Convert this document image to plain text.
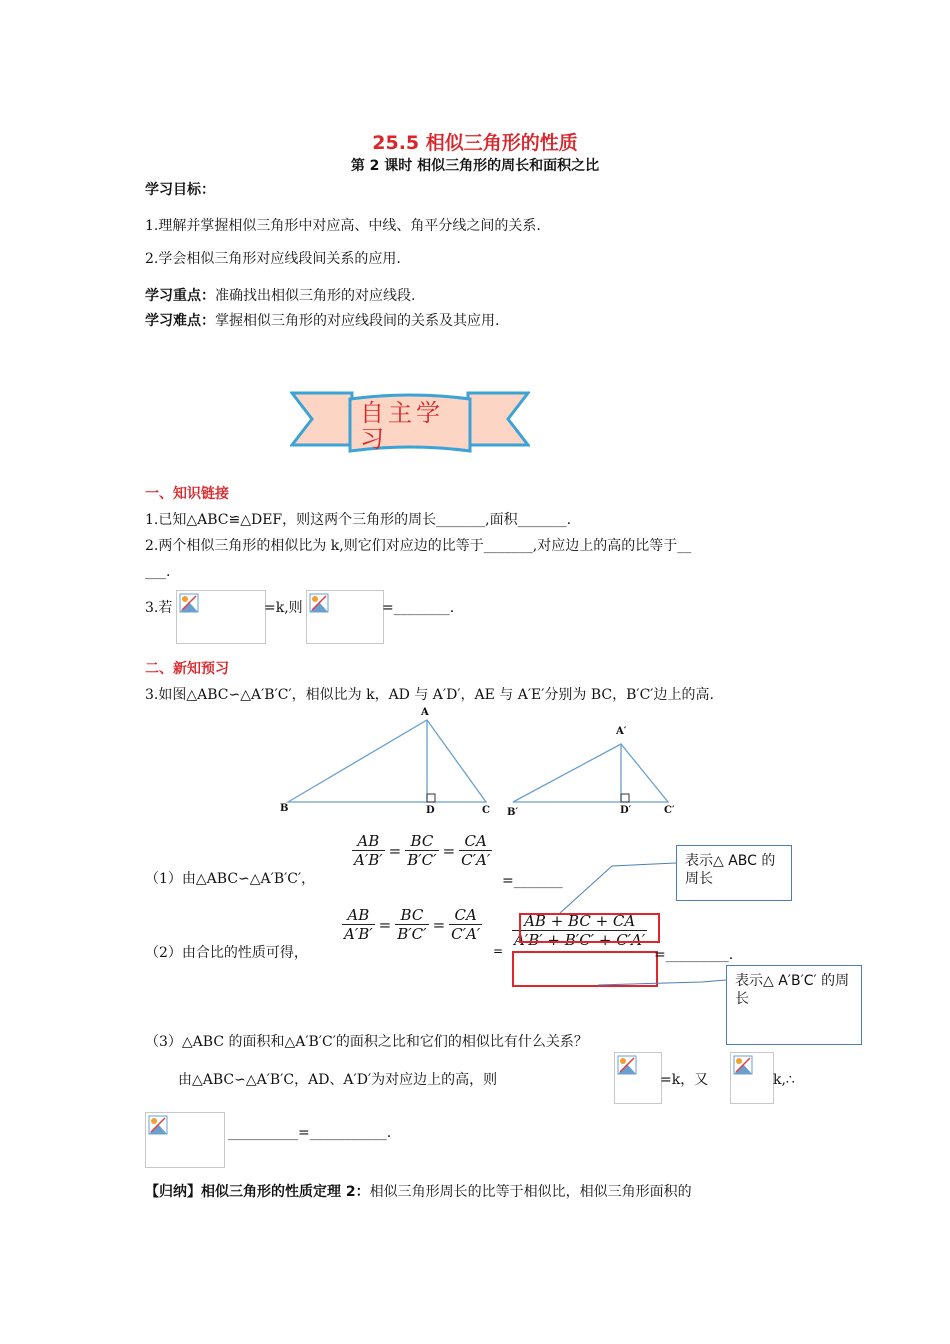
25.5 相似三角形的性质
第 2 课时 相似三角形的周长和面积之比
学习目标：
1.理解并掌握相似三角形中对应高、中线、角平分线之间的关系.
2.学会相似三角形对应线段间关系的应用.
学习重点：准确找出相似三角形的对应线段.
学习难点：掌握相似三角形的对应线段间的关系及其应用.
自主学习
一、知识链接
1.已知△ABC≌△DEF，则这两个三角形的周长_______,面积_______.
2.两个相似三角形的相似比为 k,则它们对应边的比等于_______,对应边上的高的比等于__
___.
3.若	=k,则	=________.
二、新知预习
3.如图△ABC∽△A′B′C′，相似比为 k，AD 与 A′D′，AE 与 A′E′分别为 BC，B′C′边上的高.
A
B	C
D
A′
B′	C′
D′
（1）由△ABC∽△A′B′C′，
$\frac{AB}{A'B'} = \frac{BC}{B'C'} = \frac{CA}{C'A'}$
=_______
（2）由合比的性质可得，
$\frac{AB}{A'B'} = \frac{BC}{B'C'} = \frac{CA}{C'A'}$
=
$\frac{AB + BC + CA}{A'B' + B'C' + C'A'}$
=_________.
表示△ ABC 的周长
表示△ A′B′C′ 的周长
（3）△ABC 的面积和△A′B′C′的面积之比和它们的相似比有什么关系？
由△ABC∽△A′B′C，AD、A′D′为对应边上的高，则	=k，又	k,∴
__________=___________.
【归纳】相似三角形的性质定理 2：相似三角形周长的比等于相似比，相似三角形面积的
